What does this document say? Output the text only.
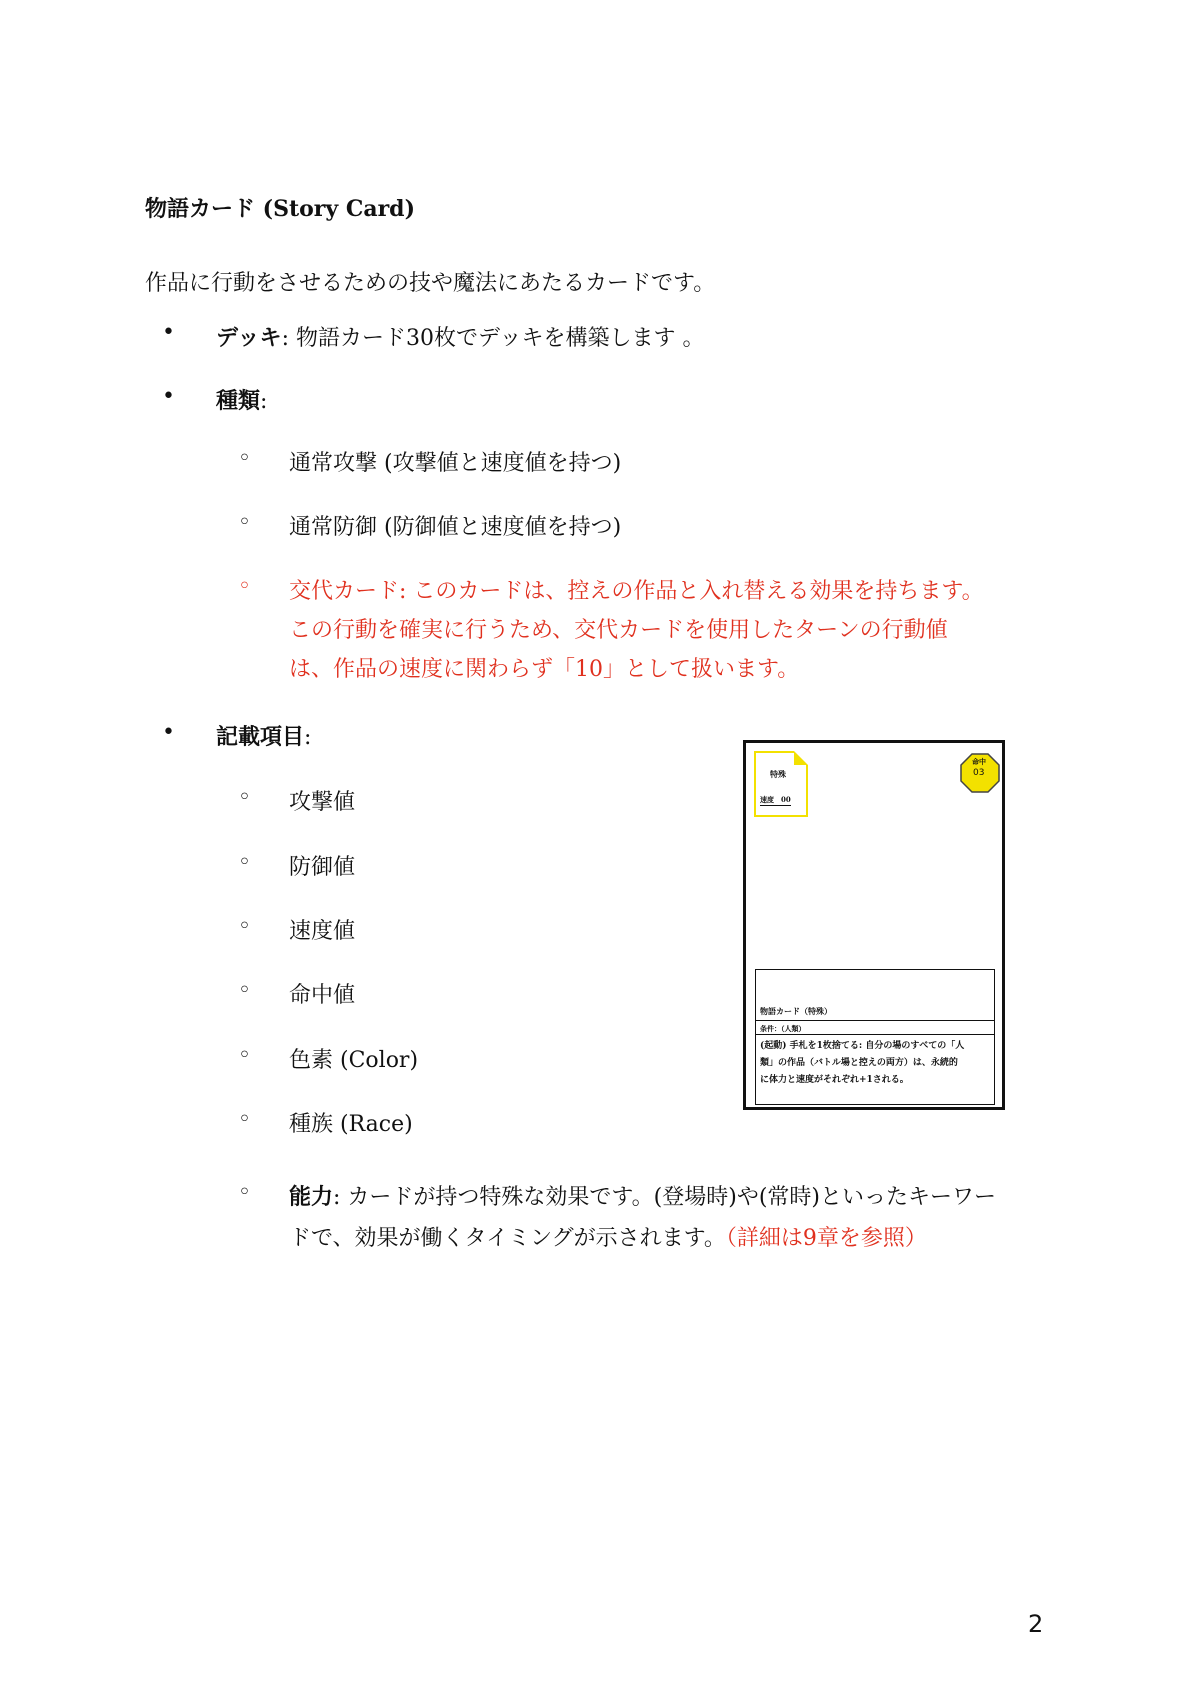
物語カード (Story Card)
作品に行動をさせるための技や魔法にあたるカードです。
• デッキ: 物語カード30枚でデッキを構築します 。
• 種類:
◦ 通常攻撃 (攻撃値と速度値を持つ)
◦ 通常防御 (防御値と速度値を持つ)
◦ 交代カード: このカードは、控えの作品と入れ替える効果を持ちます。
この行動を確実に行うため、交代カードを使用したターンの行動値
は、作品の速度に関わらず「10」として扱います。
• 記載項目:
◦ 攻撃値
◦ 防御値
◦ 速度値
◦ 命中値
◦ 色素 (Color)
◦ 種族 (Race)
◦ 能力: カードが持つ特殊な効果です。(登場時)や(常時)といったキーワー
ドで、効果が働くタイミングが示されます。（詳細は9章を参照）
特殊
速度　00
命中
03
物語カード（特殊）
条件：（人類）
(起動) 手札を1枚捨てる: 自分の場のすべての「人
類」の作品（バトル場と控えの両方）は、永続的
に体力と速度がそれぞれ+1される。
2
